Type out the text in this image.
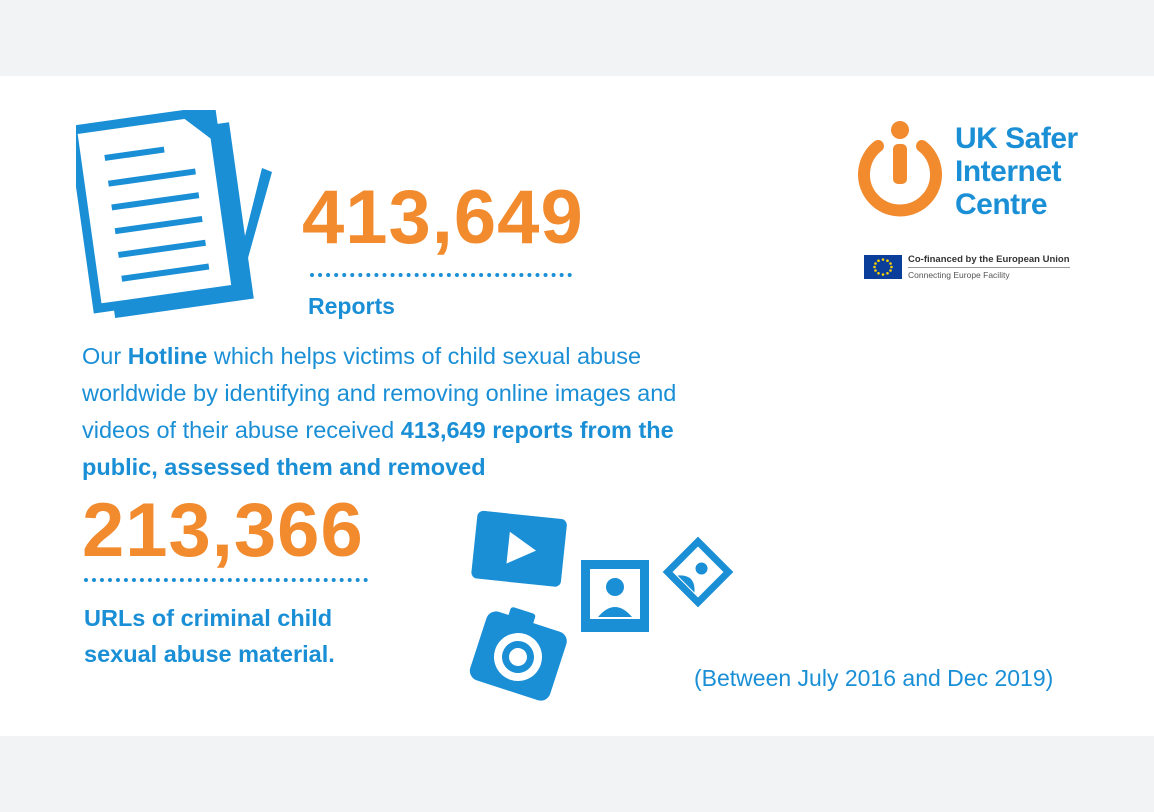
413,649
Reports
Our Hotline which helps victims of child sexual abuse worldwide by identifying and removing online images and videos of their abuse received 413,649 reports from the public, assessed them and removed
213,366
URLs of criminal child
sexual abuse material.
UK Safer
Internet
Centre
Co-financed by the European Union
Connecting Europe Facility
(Between July 2016 and Dec 2019)
